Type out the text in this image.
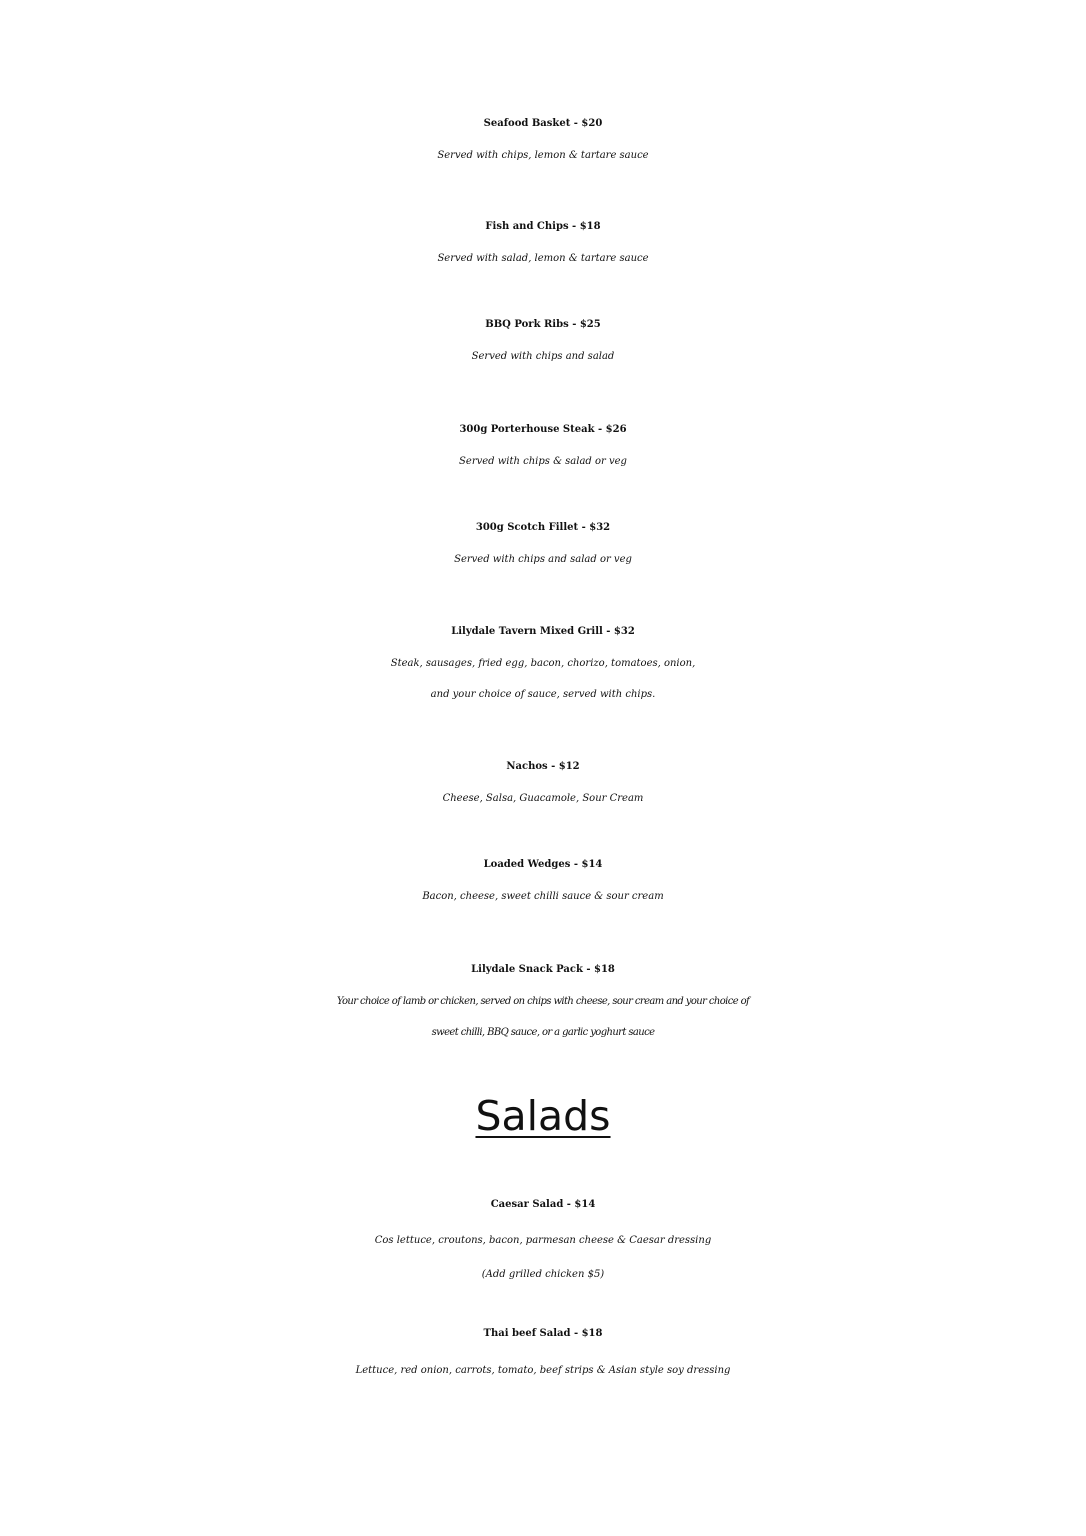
Seafood Basket - $20
Served with chips, lemon & tartare sauce
Fish and Chips - $18
Served with salad, lemon & tartare sauce
BBQ Pork Ribs - $25
Served with chips and salad
300g Porterhouse Steak - $26
Served with chips & salad or veg
300g Scotch Fillet - $32
Served with chips and salad or veg
Lilydale Tavern Mixed Grill - $32
Steak, sausages, fried egg, bacon, chorizo, tomatoes, onion,
and your choice of sauce, served with chips.
Nachos - $12
Cheese, Salsa, Guacamole, Sour Cream
Loaded Wedges - $14
Bacon, cheese, sweet chilli sauce & sour cream
Lilydale Snack Pack - $18
Your choice of lamb or chicken, served on chips with cheese, sour cream and your choice of
sweet chilli, BBQ sauce, or a garlic yoghurt sauce
Salads
Caesar Salad - $14
Cos lettuce, croutons, bacon, parmesan cheese & Caesar dressing
(Add grilled chicken $5)
Thai beef Salad - $18
Lettuce, red onion, carrots, tomato, beef strips & Asian style soy dressing
